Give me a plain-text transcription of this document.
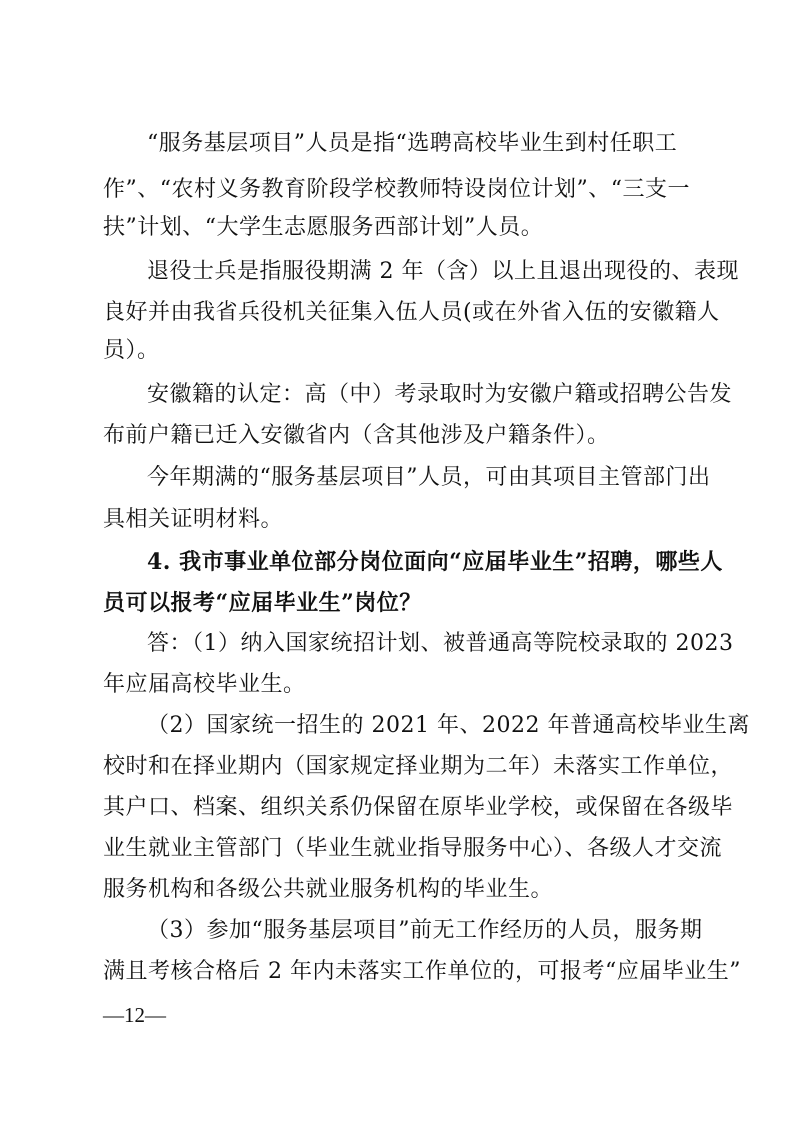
“服务基层项目”人员是指“选聘高校毕业生到村任职工
作”、“农村义务教育阶段学校教师特设岗位计划”、“三支一
扶”计划、“大学生志愿服务西部计划”人员。
退役士兵是指服役期满 2 年（含）以上且退出现役的、表现
良好并由我省兵役机关征集入伍人员(或在外省入伍的安徽籍人
员）。
安徽籍的认定：高（中）考录取时为安徽户籍或招聘公告发
布前户籍已迁入安徽省内（含其他涉及户籍条件）。
今年期满的“服务基层项目”人员，可由其项目主管部门出
具相关证明材料。
4. 我市事业单位部分岗位面向“应届毕业生”招聘，哪些人
员可以报考“应届毕业生”岗位？
答：（1）纳入国家统招计划、被普通高等院校录取的 2023
年应届高校毕业生。
（2）国家统一招生的 2021 年、2022 年普通高校毕业生离
校时和在择业期内（国家规定择业期为二年）未落实工作单位，
其户口、档案、组织关系仍保留在原毕业学校，或保留在各级毕
业生就业主管部门（毕业生就业指导服务中心）、各级人才交流
服务机构和各级公共就业服务机构的毕业生。
（3）参加“服务基层项目”前无工作经历的人员，服务期
满且考核合格后 2 年内未落实工作单位的，可报考“应届毕业生”
—12—
